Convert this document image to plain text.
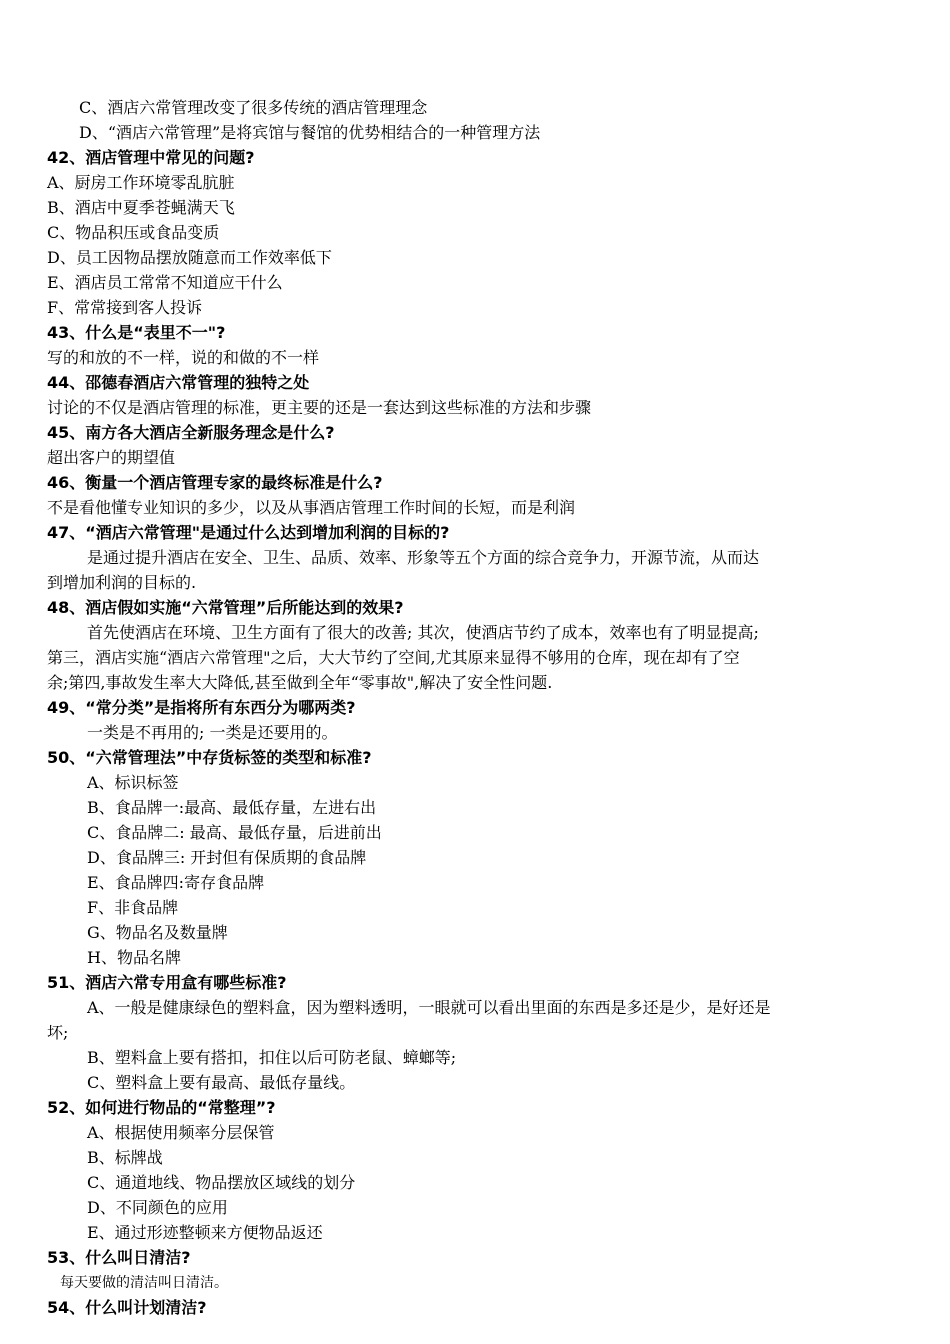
C、酒店六常管理改变了很多传统的酒店管理理念
D、“酒店六常管理”是将宾馆与餐馆的优势相结合的一种管理方法
42、酒店管理中常见的问题?
A、厨房工作环境零乱肮脏
B、酒店中夏季苍蝇满天飞
C、物品积压或食品变质
D、员工因物品摆放随意而工作效率低下
E、酒店员工常常不知道应干什么
F、常常接到客人投诉
43、什么是“表里不一"?
写的和放的不一样，说的和做的不一样
44、邵德春酒店六常管理的独特之处
讨论的不仅是酒店管理的标准，更主要的还是一套达到这些标准的方法和步骤
45、南方各大酒店全新服务理念是什么?
超出客户的期望值
46、衡量一个酒店管理专家的最终标准是什么?
不是看他懂专业知识的多少，以及从事酒店管理工作时间的长短，而是利润
47、“酒店六常管理"是通过什么达到增加利润的目标的?
是通过提升酒店在安全、卫生、品质、效率、形象等五个方面的综合竞争力，开源节流，从而达
到增加利润的目标的.
48、酒店假如实施“六常管理”后所能达到的效果?
首先使酒店在环境、卫生方面有了很大的改善; 其次，使酒店节约了成本，效率也有了明显提高;
第三，酒店实施“酒店六常管理"之后，大大节约了空间,尤其原来显得不够用的仓库，现在却有了空
余;第四,事故发生率大大降低,甚至做到全年“零事故",解决了安全性问题.
49、“常分类”是指将所有东西分为哪两类?
一类是不再用的; 一类是还要用的。
50、“六常管理法”中存货标签的类型和标准?
A、标识标签
B、食品牌一:最高、最低存量，左进右出
C、食品牌二: 最高、最低存量，后进前出
D、食品牌三: 开封但有保质期的食品牌
E、食品牌四:寄存食品牌
F、非食品牌
G、物品名及数量牌
H、物品名牌
51、酒店六常专用盒有哪些标准?
A、一般是健康绿色的塑料盒，因为塑料透明，一眼就可以看出里面的东西是多还是少，是好还是
坏;
B、塑料盒上要有搭扣，扣住以后可防老鼠、蟑螂等;
C、塑料盒上要有最高、最低存量线。
52、如何进行物品的“常整理”?
A、根据使用频率分层保管
B、标牌战
C、通道地线、物品摆放区域线的划分
D、不同颜色的应用
E、通过形迹整顿来方便物品返还
53、什么叫日清洁?
每天要做的清洁叫日清洁。
54、什么叫计划清洁?
